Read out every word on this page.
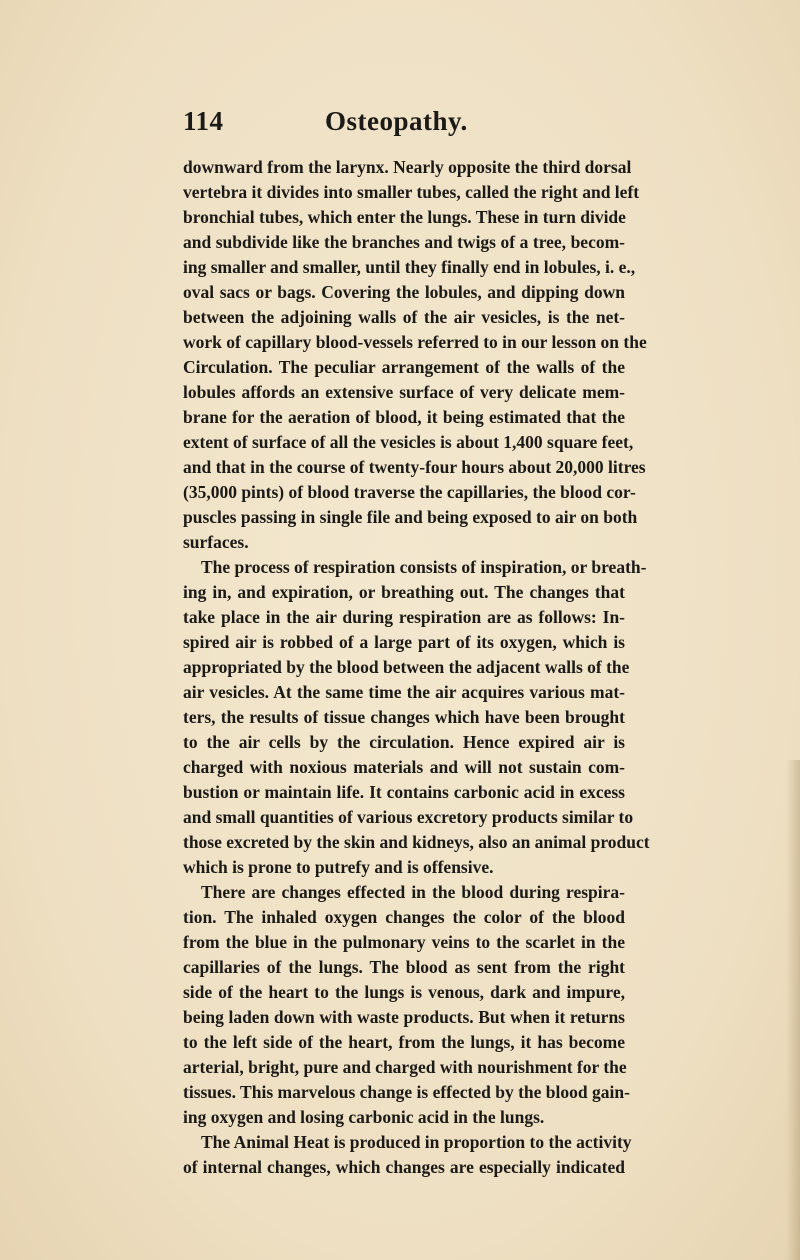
114	Osteopathy.
downward from the larynx. Nearly opposite the third dorsal
vertebra it divides into smaller tubes, called the right and left
bronchial tubes, which enter the lungs. These in turn divide
and subdivide like the branches and twigs of a tree, becom-
ing smaller and smaller, until they finally end in lobules, i. e.,
oval sacs or bags. Covering the lobules, and dipping down
between the adjoining walls of the air vesicles, is the net-
work of capillary blood-vessels referred to in our lesson on the
Circulation. The peculiar arrangement of the walls of the
lobules affords an extensive surface of very delicate mem-
brane for the aeration of blood, it being estimated that the
extent of surface of all the vesicles is about 1,400 square feet,
and that in the course of twenty-four hours about 20,000 litres
(35,000 pints) of blood traverse the capillaries, the blood cor-
puscles passing in single file and being exposed to air on both
surfaces.
The process of respiration consists of inspiration, or breath-
ing in, and expiration, or breathing out. The changes that
take place in the air during respiration are as follows: In-
spired air is robbed of a large part of its oxygen, which is
appropriated by the blood between the adjacent walls of the
air vesicles. At the same time the air acquires various mat-
ters, the results of tissue changes which have been brought
to the air cells by the circulation. Hence expired air is
charged with noxious materials and will not sustain com-
bustion or maintain life. It contains carbonic acid in excess
and small quantities of various excretory products similar to
those excreted by the skin and kidneys, also an animal product
which is prone to putrefy and is offensive.
There are changes effected in the blood during respira-
tion. The inhaled oxygen changes the color of the blood
from the blue in the pulmonary veins to the scarlet in the
capillaries of the lungs. The blood as sent from the right
side of the heart to the lungs is venous, dark and impure,
being laden down with waste products. But when it returns
to the left side of the heart, from the lungs, it has become
arterial, bright, pure and charged with nourishment for the
tissues. This marvelous change is effected by the blood gain-
ing oxygen and losing carbonic acid in the lungs.
The Animal Heat is produced in proportion to the activity
of internal changes, which changes are especially indicated
